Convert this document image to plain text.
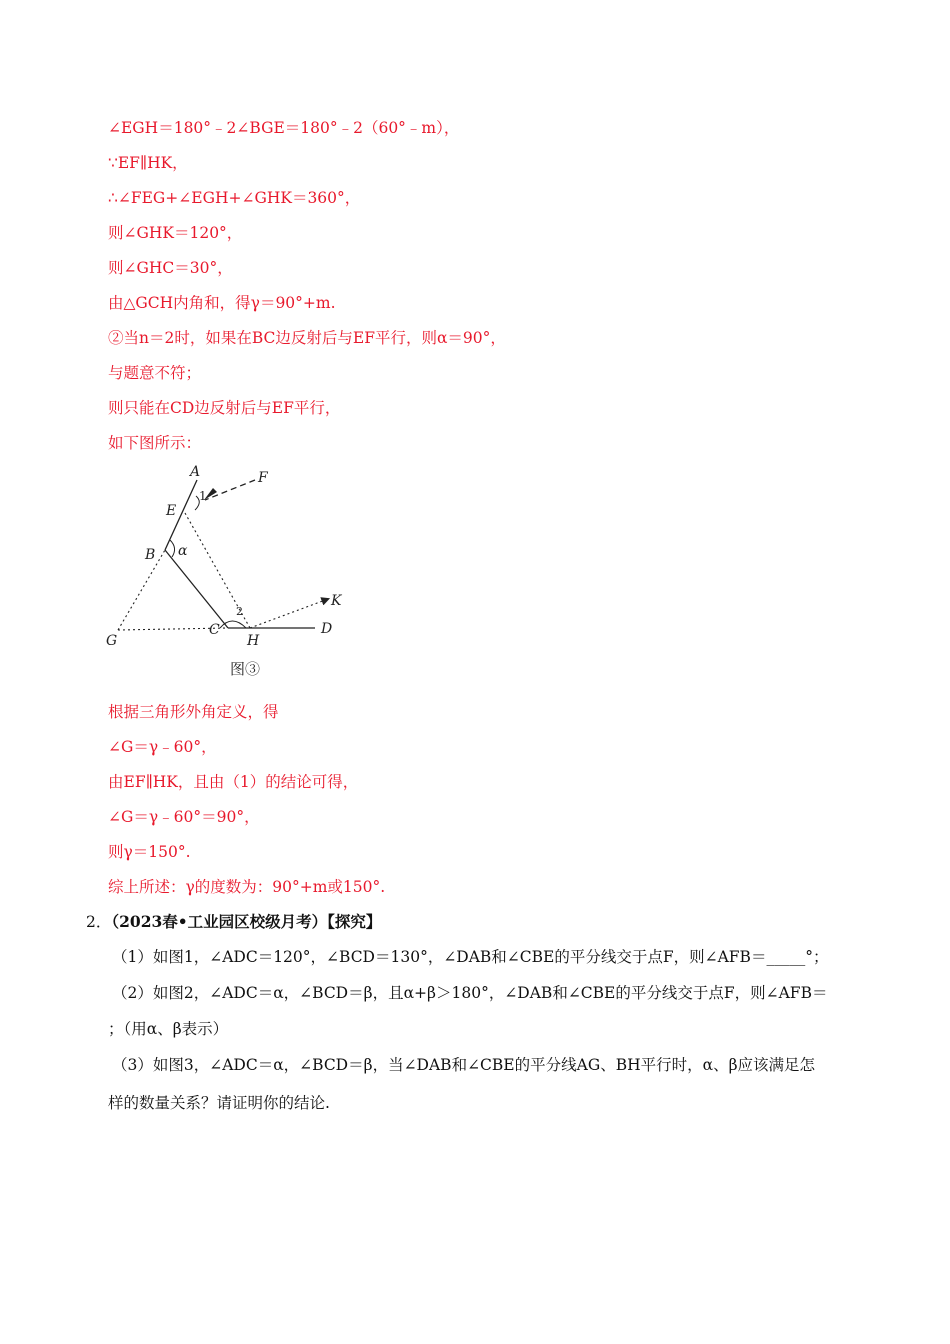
∠EGH＝180°﹣2∠BGE＝180°﹣2（60°﹣m），
∵EF∥HK，
∴∠FEG+∠EGH+∠GHK＝360°，
则∠GHK＝120°，
则∠GHC＝30°，
由△GCH内角和，得γ＝90°+m.
②当n＝2时，如果在BC边反射后与EF平行，则α＝90°，
与题意不符；
则只能在CD边反射后与EF平行，
如下图所示：
A	F
1
E
B α
G
C
2
H
K
D
图③
根据三角形外角定义，得
∠G＝γ﹣60°，
由EF∥HK，且由（1）的结论可得，
∠G＝γ﹣60°＝90°，
则γ＝150°.
综上所述：γ的度数为：90°+m或150°.
2．（2023春•工业园区校级月考）【探究】
（1）如图1，∠ADC＝120°，∠BCD＝130°，∠DAB和∠CBE的平分线交于点F，则∠AFB＝_____°；
（2）如图2，∠ADC＝α，∠BCD＝β，且α+β＞180°，∠DAB和∠CBE的平分线交于点F，则∠AFB＝
；（用α、β表示）
（3）如图3，∠ADC＝α，∠BCD＝β，当∠DAB和∠CBE的平分线AG、BH平行时，α、β应该满足怎
样的数量关系？请证明你的结论.
